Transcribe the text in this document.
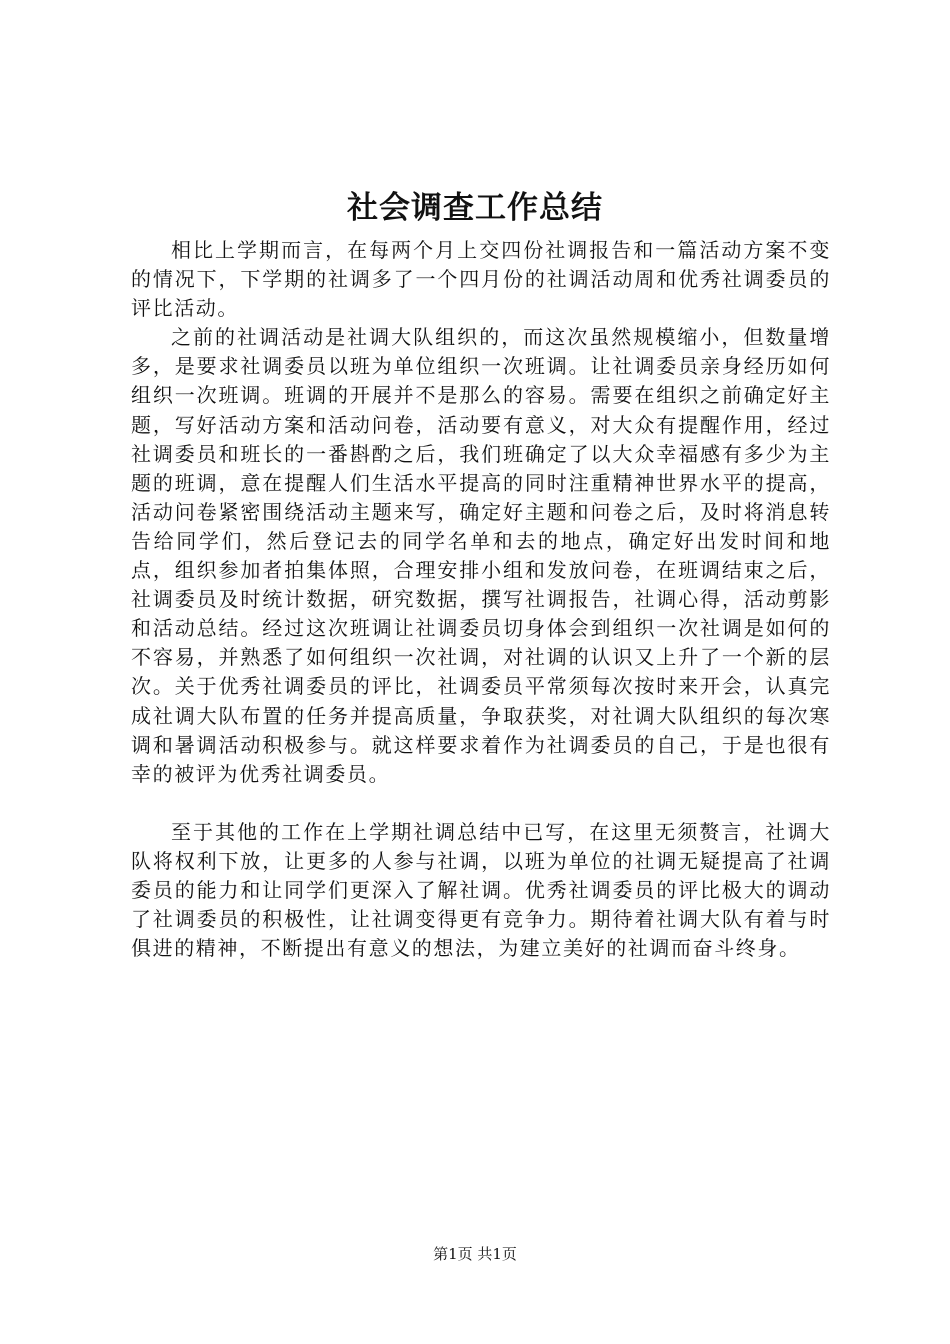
社会调查工作总结

相比上学期而言，在每两个月上交四份社调报告和一篇活动方案不变的情况下，下学期的社调多了一个四月份的社调活动周和优秀社调委员的评比活动。

之前的社调活动是社调大队组织的，而这次虽然规模缩小，但数量增多，是要求社调委员以班为单位组织一次班调。让社调委员亲身经历如何组织一次班调。班调的开展并不是那么的容易。需要在组织之前确定好主题，写好活动方案和活动问卷，活动要有意义，对大众有提醒作用，经过社调委员和班长的一番斟酌之后，我们班确定了以大众幸福感有多少为主题的班调，意在提醒人们生活水平提高的同时注重精神世界水平的提高，活动问卷紧密围绕活动主题来写，确定好主题和问卷之后，及时将消息转告给同学们，然后登记去的同学名单和去的地点，确定好出发时间和地点，组织参加者拍集体照，合理安排小组和发放问卷，在班调结束之后，社调委员及时统计数据，研究数据，撰写社调报告，社调心得，活动剪影和活动总结。经过这次班调让社调委员切身体会到组织一次社调是如何的不容易，并熟悉了如何组织一次社调，对社调的认识又上升了一个新的层次。关于优秀社调委员的评比，社调委员平常须每次按时来开会，认真完成社调大队布置的任务并提高质量，争取获奖，对社调大队组织的每次寒调和暑调活动积极参与。就这样要求着作为社调委员的自己，于是也很有幸的被评为优秀社调委员。

至于其他的工作在上学期社调总结中已写，在这里无须赘言，社调大队将权利下放，让更多的人参与社调，以班为单位的社调无疑提高了社调委员的能力和让同学们更深入了解社调。优秀社调委员的评比极大的调动了社调委员的积极性，让社调变得更有竞争力。期待着社调大队有着与时俱进的精神，不断提出有意义的想法，为建立美好的社调而奋斗终身。

第1页 共1页
